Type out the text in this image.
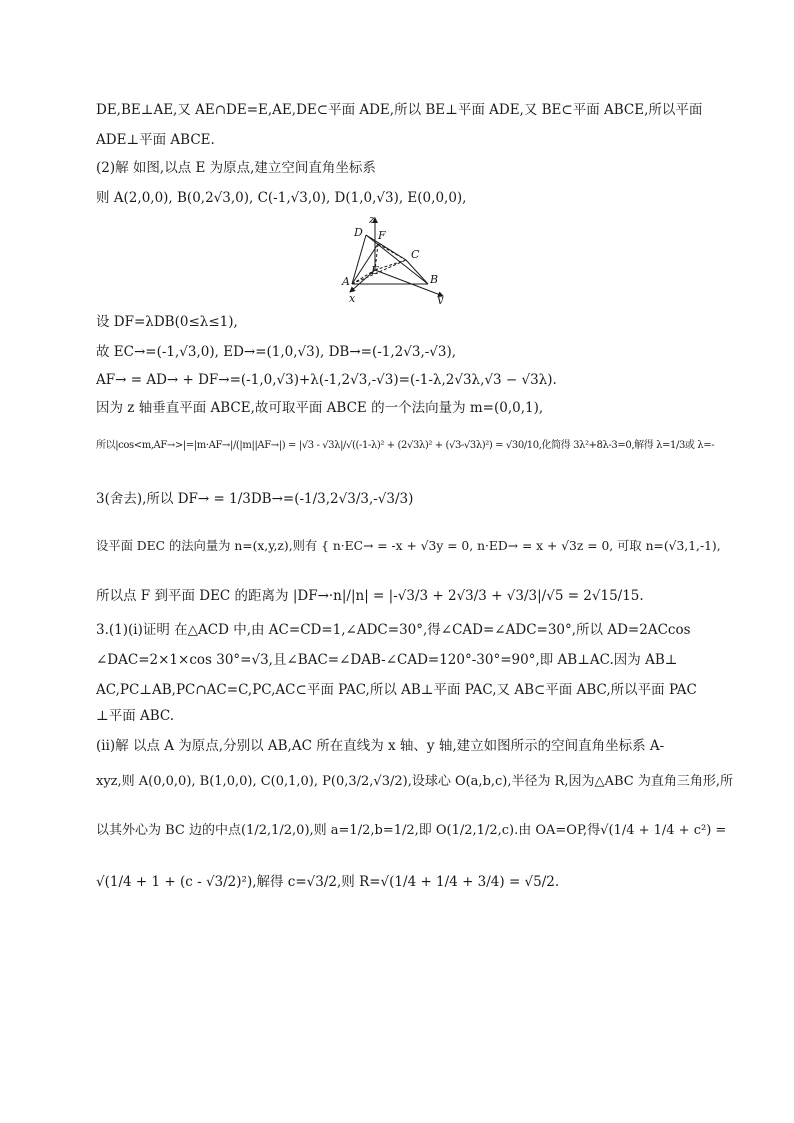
DE,BE⊥AE,又 AE∩DE=E,AE,DE⊂平面 ADE,所以 BE⊥平面 ADE,又 BE⊂平面 ABCE,所以平面
ADE⊥平面 ABCE.
(2)解 如图,以点 E 为原点,建立空间直角坐标系
则 A(2,0,0), B(0,2√3,0), C(-1,√3,0), D(1,0,√3), E(0,0,0),
z
D F
C
E
A	B
x	y
设 DF=λDB(0≤λ≤1),
故 EC→=(-1,√3,0), ED→=(1,0,√3), DB→=(-1,2√3,-√3),
AF→ = AD→ + DF→=(-1,0,√3)+λ(-1,2√3,-√3)=(-1-λ,2√3λ,√3 − √3λ).
因为 z 轴垂直平面 ABCE,故可取平面 ABCE 的一个法向量为 m=(0,0,1),
所以|cos<m,AF→>|=|m·AF→|/(|m||AF→|) = |√3 - √3λ|/√((-1-λ)² + (2√3λ)² + (√3-√3λ)²) = √30/10,化简得 3λ²+8λ-3=0,解得 λ=1/3或 λ=-
3(舍去),所以 DF→ = 1/3DB→=(-1/3,2√3/3,-√3/3)
设平面 DEC 的法向量为 n=(x,y,z),则有 { n·EC→ = -x + √3y = 0, n·ED→ = x + √3z = 0, 可取 n=(√3,1,-1),
所以点 F 到平面 DEC 的距离为 |DF→·n|/|n| = |-√3/3 + 2√3/3 + √3/3|/√5 = 2√15/15.
3.(1)(ⅰ)证明 在△ACD 中,由 AC=CD=1,∠ADC=30°,得∠CAD=∠ADC=30°,所以 AD=2ACcos
∠DAC=2×1×cos 30°=√3,且∠BAC=∠DAB-∠CAD=120°-30°=90°,即 AB⊥AC.因为 AB⊥
AC,PC⊥AB,PC∩AC=C,PC,AC⊂平面 PAC,所以 AB⊥平面 PAC,又 AB⊂平面 ABC,所以平面 PAC
⊥平面 ABC.
(ⅱ)解 以点 A 为原点,分别以 AB,AC 所在直线为 x 轴、y 轴,建立如图所示的空间直角坐标系 A-
xyz,则 A(0,0,0), B(1,0,0), C(0,1,0), P(0,3/2,√3/2),设球心 O(a,b,c),半径为 R,因为△ABC 为直角三角形,所
以其外心为 BC 边的中点(1/2,1/2,0),则 a=1/2,b=1/2,即 O(1/2,1/2,c).由 OA=OP,得√(1/4 + 1/4 + c²) =
√(1/4 + 1 + (c - √3/2)²),解得 c=√3/2,则 R=√(1/4 + 1/4 + 3/4) = √5/2.
